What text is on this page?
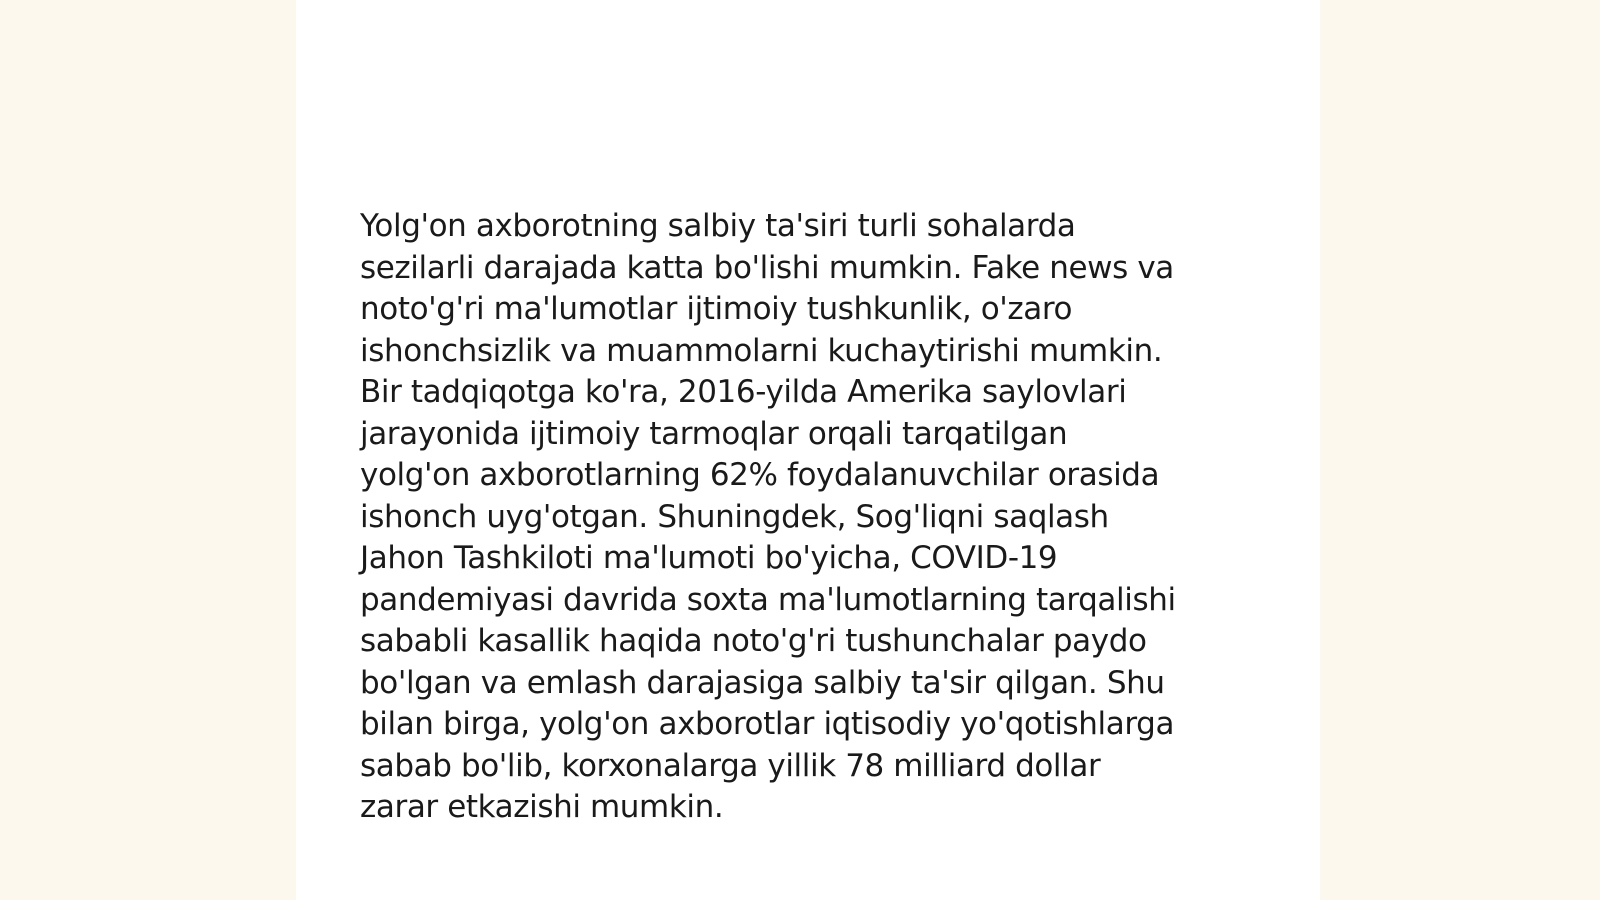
Yolg'on axborotning salbiy ta'siri turli sohalarda
sezilarli darajada katta bo'lishi mumkin. Fake news va
noto'g'ri ma'lumotlar ijtimoiy tushkunlik, o'zaro
ishonchsizlik va muammolarni kuchaytirishi mumkin.
Bir tadqiqotga ko'ra, 2016-yilda Amerika saylovlari
jarayonida ijtimoiy tarmoqlar orqali tarqatilgan
yolg'on axborotlarning 62% foydalanuvchilar orasida
ishonch uyg'otgan. Shuningdek, Sog'liqni saqlash
Jahon Tashkiloti ma'lumoti bo'yicha, COVID-19
pandemiyasi davrida soxta ma'lumotlarning tarqalishi
sababli kasallik haqida noto'g'ri tushunchalar paydo
bo'lgan va emlash darajasiga salbiy ta'sir qilgan. Shu
bilan birga, yolg'on axborotlar iqtisodiy yo'qotishlarga
sabab bo'lib, korxonalarga yillik 78 milliard dollar
zarar etkazishi mumkin.
